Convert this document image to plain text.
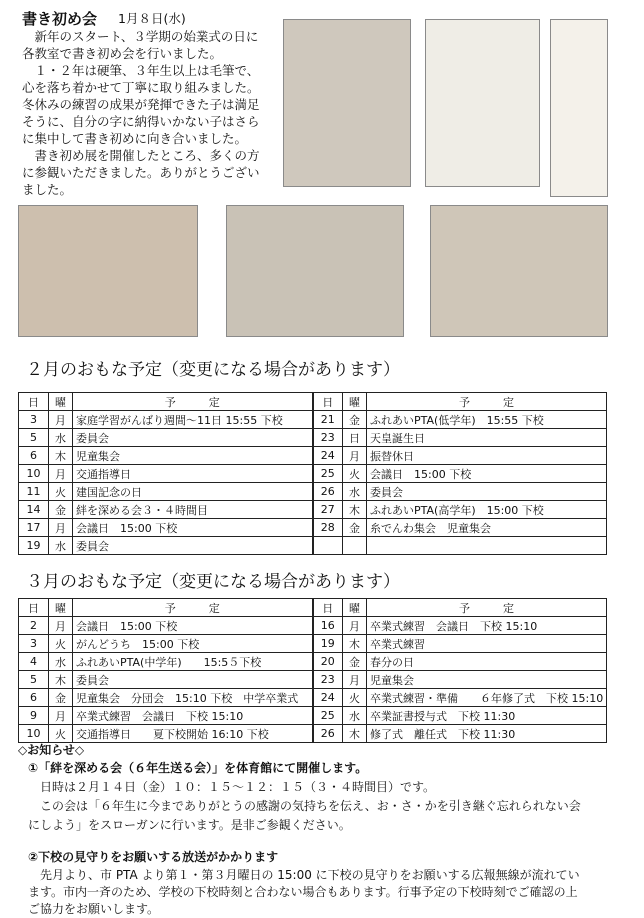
書き初め会 1月８日(水)
　新年のスタート、３学期の始業式の日に
各教室で書き初め会を行いました。
　１・２年は硬筆、３年生以上は毛筆で、
心を落ち着かせて丁寧に取り組みました。
冬休みの練習の成果が発揮できた子は満足
そうに、自分の字に納得いかない子はさら
に集中して書き初めに向き合いました。
　書き初め展を開催したところ、多くの方
に参観いただきました。ありがとうござい
ました。
２月のおもな予定（変更になる場合があります）
日	曜	予　　　定	日	曜	予　　　定
3	月	家庭学習がんばり週間～11日 15:55 下校	21	金	ふれあいPTA(低学年)　15:55 下校
5	水	委員会	23	日	天皇誕生日
6	木	児童集会	24	月	振替休日
10	月	交通指導日	25	火	会議日　15:00 下校
11	火	建国記念の日	26	水	委員会
14	金	絆を深める会３・４時間目	27	木	ふれあいPTA(高学年)　15:00 下校
17	月	会議日　15:00 下校	28	金	糸でんわ集会　児童集会
19	水	委員会			
３月のおもな予定（変更になる場合があります）
日	曜	予　　　定	日	曜	予　　　定
2	月	会議日　15:00 下校	16	月	卒業式練習　会議日　下校 15:10
3	火	がんどうち　15:00 下校	19	木	卒業式練習
4	水	ふれあいPTA(中学年)　　15:5５下校	20	金	春分の日
5	木	委員会	23	月	児童集会
6	金	児童集会　分団会　15:10 下校　中学卒業式	24	火	卒業式練習・準備　　６年修了式　下校 15:10
9	月	卒業式練習　会議日　下校 15:10	25	水	卒業証書授与式　下校 11:30
10	火	交通指導日　　夏下校開始 16:10 下校	26	木	修了式　離任式　下校 11:30
◇お知らせ◇
①「絆を深める会（６年生送る会）」を体育館にて開催します。
日時は２月１４日（金）１０：１５～１２：１５（３・４時間目）です。
この会は「６年生に今までありがとうの感謝の気持ちを伝え、お・さ・かを引き継ぐ忘れられない会
にしよう」をスローガンに行います。是非ご参観ください。
②下校の見守りをお願いする放送がかかります
先月より、市 PTA より第１・第３月曜日の 15:00 に下校の見守りをお願いする広報無線が流れてい
ます。市内一斉のため、学校の下校時刻と合わない場合もあります。行事予定の下校時刻でご確認の上
ご協力をお願いします。
